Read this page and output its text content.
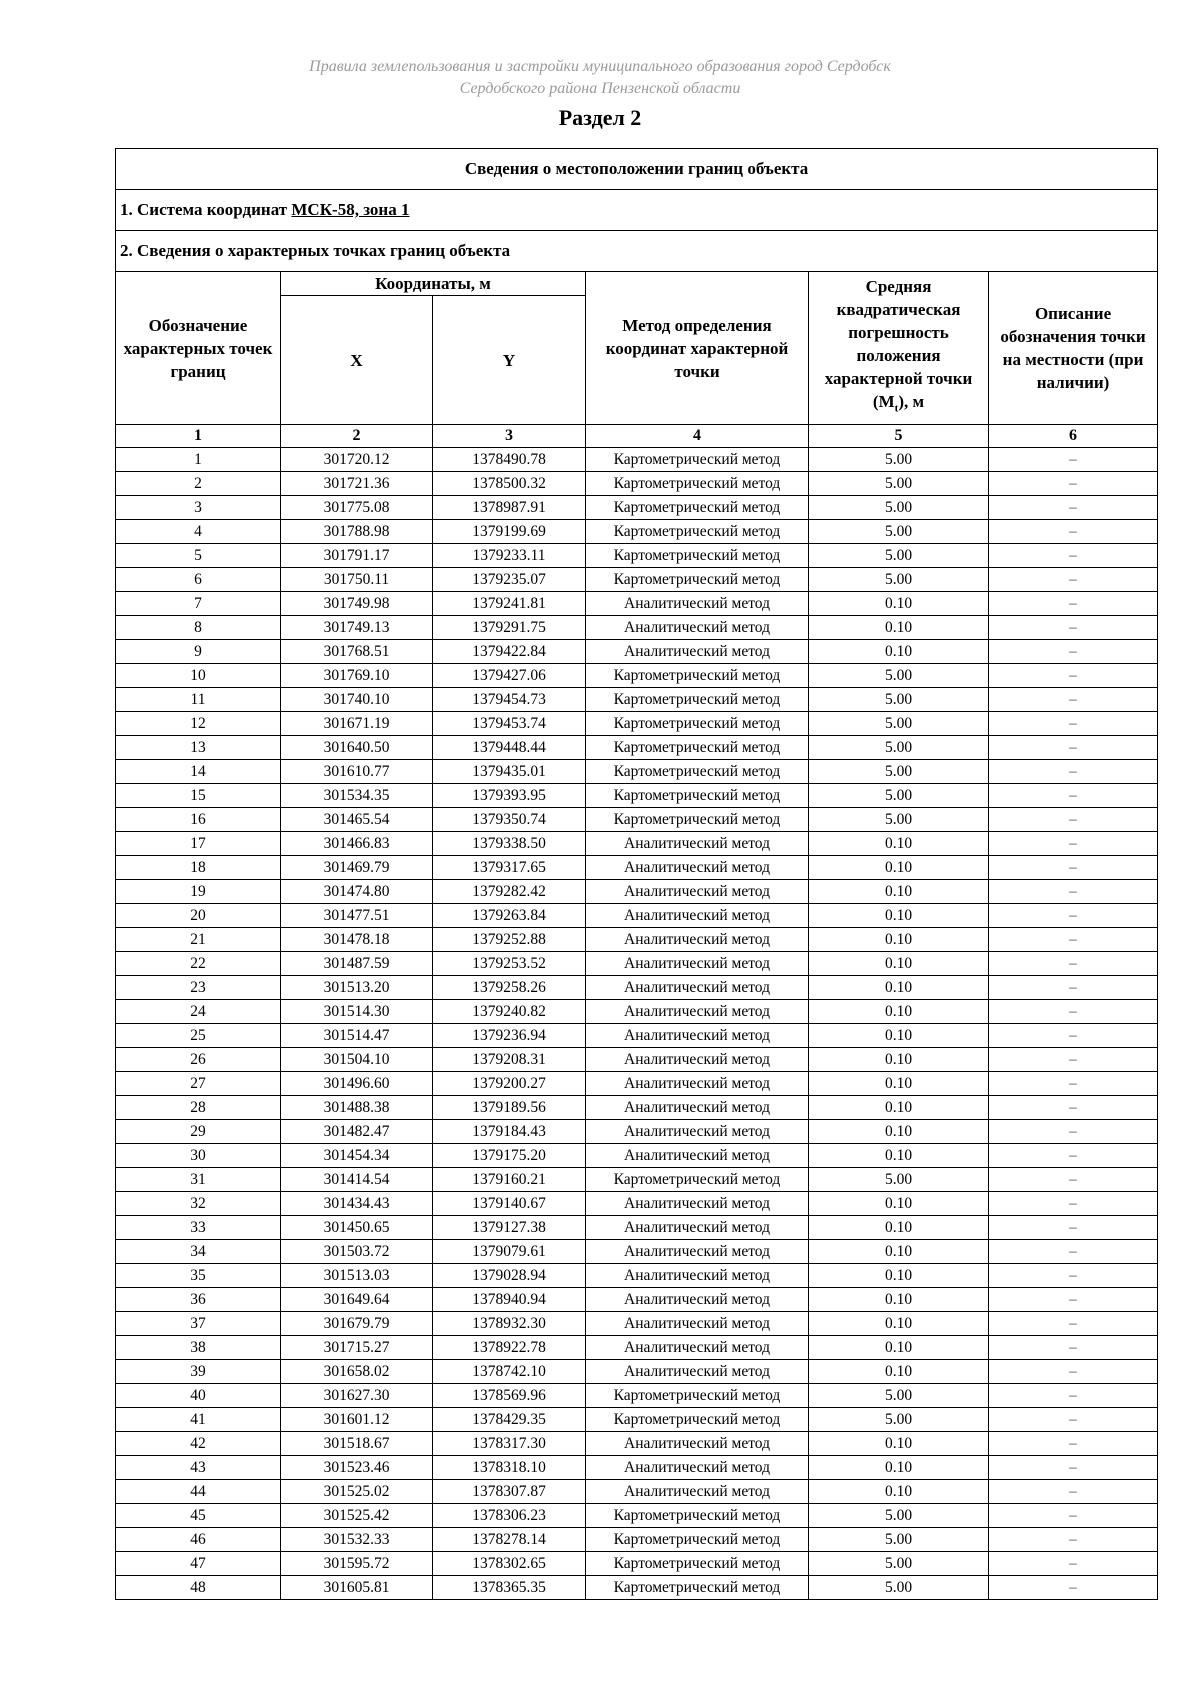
Правила землепользования и застройки муниципального образования город Сердобск
Сердобского района Пензенской области
Раздел 2
Сведения о местоположении границ объекта					
1. Система координат МСК-58, зона 1					
2. Сведения о характерных точках границ объекта					
Обозначение характерных точек границ	Координаты, м		Метод определения координат характерной точки	Средняя квадратическая погрешность положения характерной точки $(M_t)$, м	Описание обозначения точки на местности (при наличии)
	X	Y			
1	2	3	4	5	6
1	301720.12	1378490.78	Картометрический метод	5.00	–
2	301721.36	1378500.32	Картометрический метод	5.00	–
3	301775.08	1378987.91	Картометрический метод	5.00	–
4	301788.98	1379199.69	Картометрический метод	5.00	–
5	301791.17	1379233.11	Картометрический метод	5.00	–
6	301750.11	1379235.07	Картометрический метод	5.00	–
7	301749.98	1379241.81	Аналитический метод	0.10	–
8	301749.13	1379291.75	Аналитический метод	0.10	–
9	301768.51	1379422.84	Аналитический метод	0.10	–
10	301769.10	1379427.06	Картометрический метод	5.00	–
11	301740.10	1379454.73	Картометрический метод	5.00	–
12	301671.19	1379453.74	Картометрический метод	5.00	–
13	301640.50	1379448.44	Картометрический метод	5.00	–
14	301610.77	1379435.01	Картометрический метод	5.00	–
15	301534.35	1379393.95	Картометрический метод	5.00	–
16	301465.54	1379350.74	Картометрический метод	5.00	–
17	301466.83	1379338.50	Аналитический метод	0.10	–
18	301469.79	1379317.65	Аналитический метод	0.10	–
19	301474.80	1379282.42	Аналитический метод	0.10	–
20	301477.51	1379263.84	Аналитический метод	0.10	–
21	301478.18	1379252.88	Аналитический метод	0.10	–
22	301487.59	1379253.52	Аналитический метод	0.10	–
23	301513.20	1379258.26	Аналитический метод	0.10	–
24	301514.30	1379240.82	Аналитический метод	0.10	–
25	301514.47	1379236.94	Аналитический метод	0.10	–
26	301504.10	1379208.31	Аналитический метод	0.10	–
27	301496.60	1379200.27	Аналитический метод	0.10	–
28	301488.38	1379189.56	Аналитический метод	0.10	–
29	301482.47	1379184.43	Аналитический метод	0.10	–
30	301454.34	1379175.20	Аналитический метод	0.10	–
31	301414.54	1379160.21	Картометрический метод	5.00	–
32	301434.43	1379140.67	Аналитический метод	0.10	–
33	301450.65	1379127.38	Аналитический метод	0.10	–
34	301503.72	1379079.61	Аналитический метод	0.10	–
35	301513.03	1379028.94	Аналитический метод	0.10	–
36	301649.64	1378940.94	Аналитический метод	0.10	–
37	301679.79	1378932.30	Аналитический метод	0.10	–
38	301715.27	1378922.78	Аналитический метод	0.10	–
39	301658.02	1378742.10	Аналитический метод	0.10	–
40	301627.30	1378569.96	Картометрический метод	5.00	–
41	301601.12	1378429.35	Картометрический метод	5.00	–
42	301518.67	1378317.30	Аналитический метод	0.10	–
43	301523.46	1378318.10	Аналитический метод	0.10	–
44	301525.02	1378307.87	Аналитический метод	0.10	–
45	301525.42	1378306.23	Картометрический метод	5.00	–
46	301532.33	1378278.14	Картометрический метод	5.00	–
47	301595.72	1378302.65	Картометрический метод	5.00	–
48	301605.81	1378365.35	Картометрический метод	5.00	–
